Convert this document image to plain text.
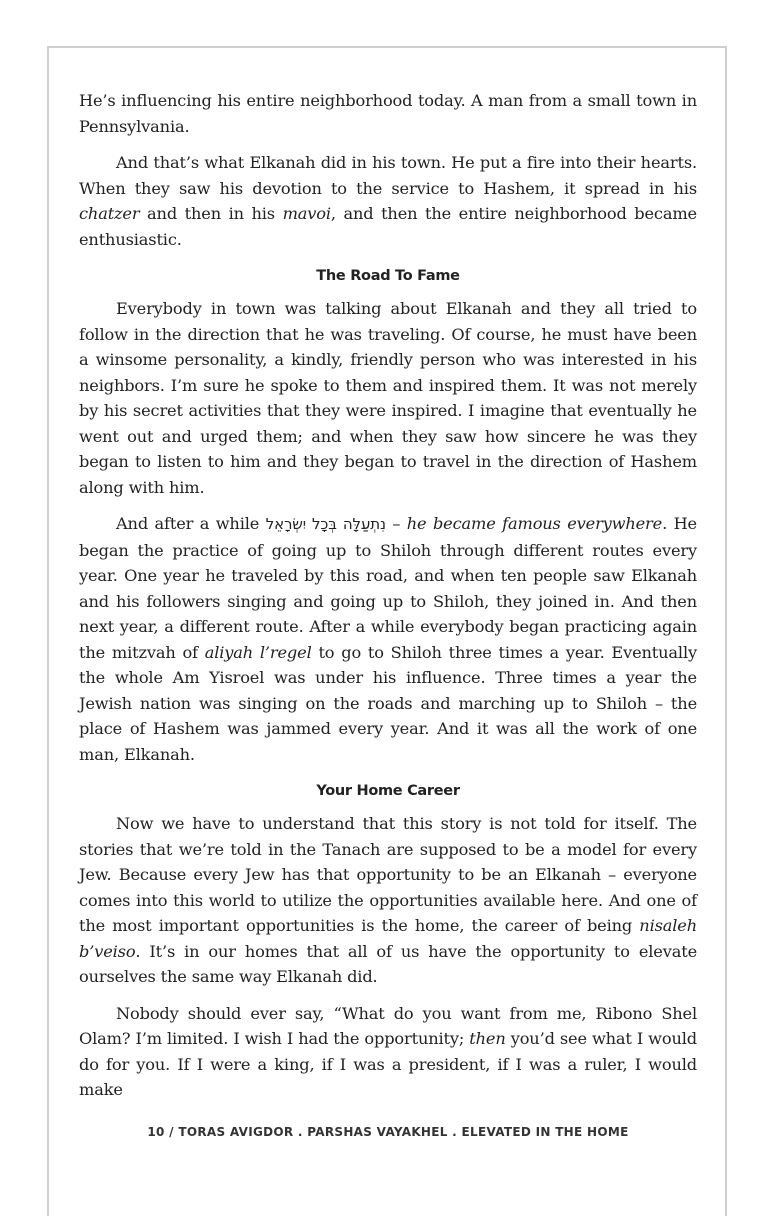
He’s influencing his entire neighborhood today. A man from a small town in Pennsylvania.

And that’s what Elkanah did in his town. He put a fire into their hearts. When they saw his devotion to the service to Hashem, it spread in his chatzer and then in his mavoi, and then the entire neighborhood became enthusiastic.

The Road To Fame

Everybody in town was talking about Elkanah and they all tried to follow in the direction that he was traveling. Of course, he must have been a winsome personality, a kindly, friendly person who was interested in his neighbors. I’m sure he spoke to them and inspired them. It was not merely by his secret activities that they were inspired. I imagine that eventually he went out and urged them; and when they saw how sincere he was they began to listen to him and they began to travel in the direction of Hashem along with him.

And after a while נִתְעַלָּה בְּכָל יִשְׂרָאֵל – he became famous everywhere. He began the practice of going up to Shiloh through different routes every year. One year he traveled by this road, and when ten people saw Elkanah and his followers singing and going up to Shiloh, they joined in. And then next year, a different route. After a while everybody began practicing again the mitzvah of aliyah l’regel to go to Shiloh three times a year. Eventually the whole Am Yisroel was under his influence. Three times a year the Jewish nation was singing on the roads and marching up to Shiloh – the place of Hashem was jammed every year. And it was all the work of one man, Elkanah.

Your Home Career

Now we have to understand that this story is not told for itself. The stories that we’re told in the Tanach are supposed to be a model for every Jew. Because every Jew has that opportunity to be an Elkanah – everyone comes into this world to utilize the opportunities available here. And one of the most important opportunities is the home, the career of being nisaleh b’veiso. It’s in our homes that all of us have the opportunity to elevate ourselves the same way Elkanah did.

Nobody should ever say, “What do you want from me, Ribono Shel Olam? I’m limited. I wish I had the opportunity; then you’d see what I would do for you. If I were a king, if I was a president, if I was a ruler, I would make

10 / TORAS AVIGDOR . PARSHAS VAYAKHEL . ELEVATED IN THE HOME
